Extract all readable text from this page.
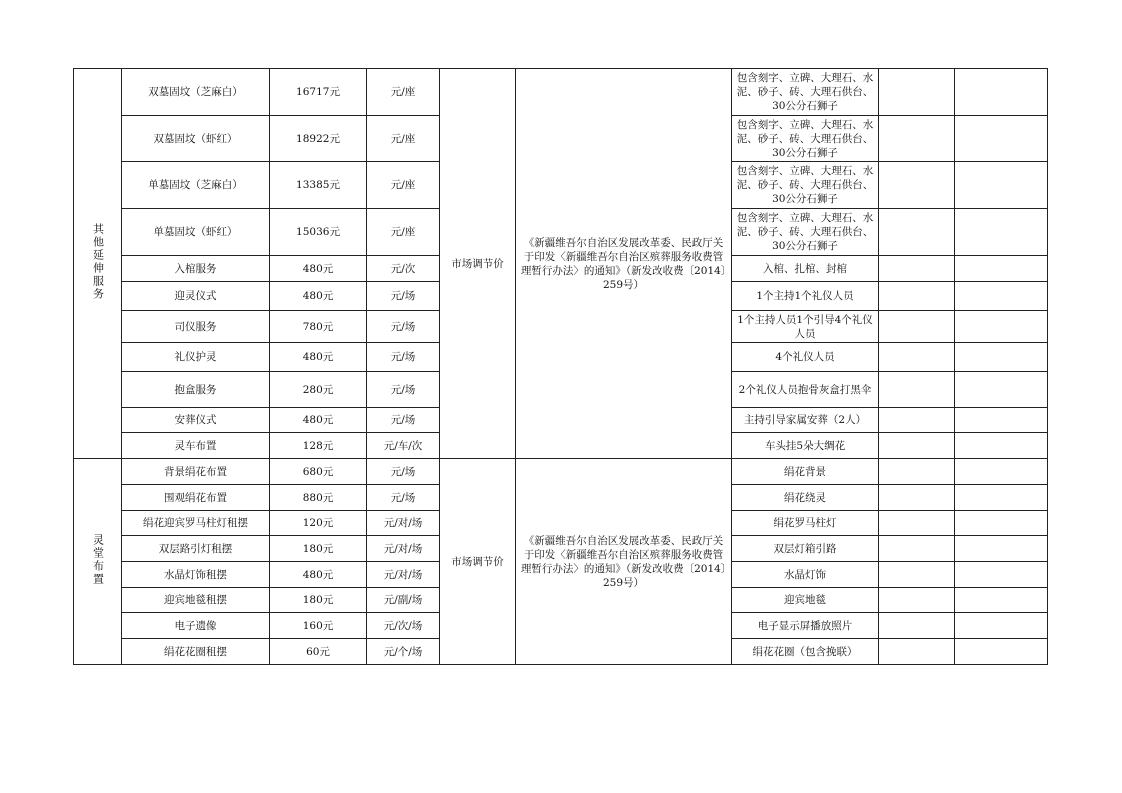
其他延伸服务	双墓固坟（芝麻白）	16717元	元/座	市场调节价	《新疆维吾尔自治区发展改革委、民政厅关于印发〈新疆维吾尔自治区殡葬服务收费管理暂行办法〉的通知》（新发改收费〔2014〕259号）	包含刻字、立碑、大理石、水泥、砂子、砖、大理石供台、30公分石狮子		
	双墓固坟（虾红）	18922元	元/座			包含刻字、立碑、大理石、水泥、砂子、砖、大理石供台、30公分石狮子		
	单墓固坟（芝麻白）	13385元	元/座			包含刻字、立碑、大理石、水泥、砂子、砖、大理石供台、30公分石狮子		
	单墓固坟（虾红）	15036元	元/座			包含刻字、立碑、大理石、水泥、砂子、砖、大理石供台、30公分石狮子		
	入棺服务	480元	元/次			入棺、扎棺、封棺		
	迎灵仪式	480元	元/场			1个主持1个礼仪人员		
	司仪服务	780元	元/场			1个主持人员1个引导4个礼仪人员		
	礼仪护灵	480元	元/场			4个礼仪人员		
	抱盒服务	280元	元/场			2个礼仪人员抱骨灰盒打黑伞		
	安葬仪式	480元	元/场			主持引导家属安葬（2人）		
	灵车布置	128元	元/车/次			车头挂5朵大绸花		
灵堂布置	背景绢花布置	680元	元/场	市场调节价	《新疆维吾尔自治区发展改革委、民政厅关于印发〈新疆维吾尔自治区殡葬服务收费管理暂行办法〉的通知》（新发改收费〔2014〕259号）	绢花背景		
	围观绢花布置	880元	元/场			绢花绕灵		
	绢花迎宾罗马柱灯租摆	120元	元/对/场			绢花罗马柱灯		
	双层路引灯租摆	180元	元/对/场			双层灯箱引路		
	水晶灯饰租摆	480元	元/对/场			水晶灯饰		
	迎宾地毯租摆	180元	元/副/场			迎宾地毯		
	电子遗像	160元	元/次/场			电子显示屏播放照片		
	绢花花圈租摆	60元	元/个/场			绢花花圈（包含挽联）		
